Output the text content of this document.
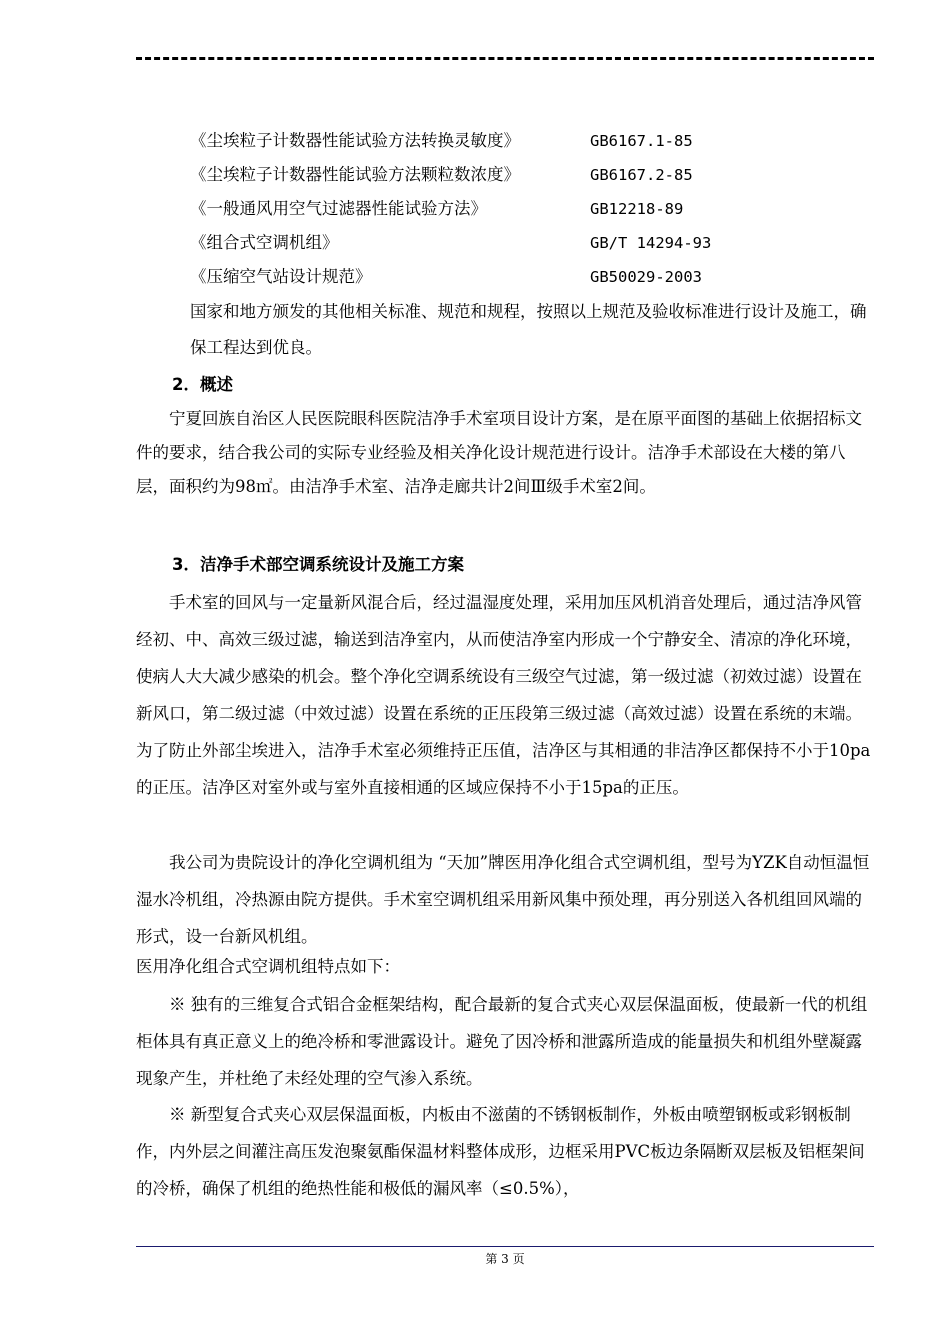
《尘埃粒子计数器性能试验方法转换灵敏度》	GB6167.1-85
《尘埃粒子计数器性能试验方法颗粒数浓度》	GB6167.2-85
《一般通风用空气过滤器性能试验方法》	GB12218-89
《组合式空调机组》	GB/T 14294-93
《压缩空气站设计规范》	GB50029-2003
国家和地方颁发的其他相关标准、规范和规程，按照以上规范及验收标准进行设计及施工，确保工程达到优良。
2．概述
宁夏回族自治区人民医院眼科医院洁净手术室项目设计方案，是在原平面图的基础上依据招标文件的要求，结合我公司的实际专业经验及相关净化设计规范进行设计。洁净手术部设在大楼的第八层，面积约为98㎡。由洁净手术室、洁净走廊共计2间Ⅲ级手术室2间。
3．洁净手术部空调系统设计及施工方案
手术室的回风与一定量新风混合后，经过温湿度处理，采用加压风机消音处理后，通过洁净风管经初、中、高效三级过滤，输送到洁净室内，从而使洁净室内形成一个宁静安全、清凉的净化环境，使病人大大减少感染的机会。整个净化空调系统设有三级空气过滤，第一级过滤（初效过滤）设置在新风口，第二级过滤（中效过滤）设置在系统的正压段第三级过滤（高效过滤）设置在系统的末端。为了防止外部尘埃进入，洁净手术室必须维持正压值，洁净区与其相通的非洁净区都保持不小于10pa的正压。洁净区对室外或与室外直接相通的区域应保持不小于15pa的正压。
我公司为贵院设计的净化空调机组为 “天加”牌医用净化组合式空调机组，型号为YZK自动恒温恒湿水冷机组，冷热源由院方提供。手术室空调机组采用新风集中预处理，再分别送入各机组回风端的形式，设一台新风机组。
医用净化组合式空调机组特点如下：
※ 独有的三维复合式铝合金框架结构，配合最新的复合式夹心双层保温面板，使最新一代的机组柜体具有真正意义上的绝冷桥和零泄露设计。避免了因冷桥和泄露所造成的能量损失和机组外壁凝露现象产生，并杜绝了未经处理的空气渗入系统。
※ 新型复合式夹心双层保温面板，内板由不滋菌的不锈钢板制作，外板由喷塑钢板或彩钢板制作，内外层之间灌注高压发泡聚氨酯保温材料整体成形，边框采用PVC板边条隔断双层板及铝框架间的冷桥，确保了机组的绝热性能和极低的漏风率（≤0.5%），
第 3 页
